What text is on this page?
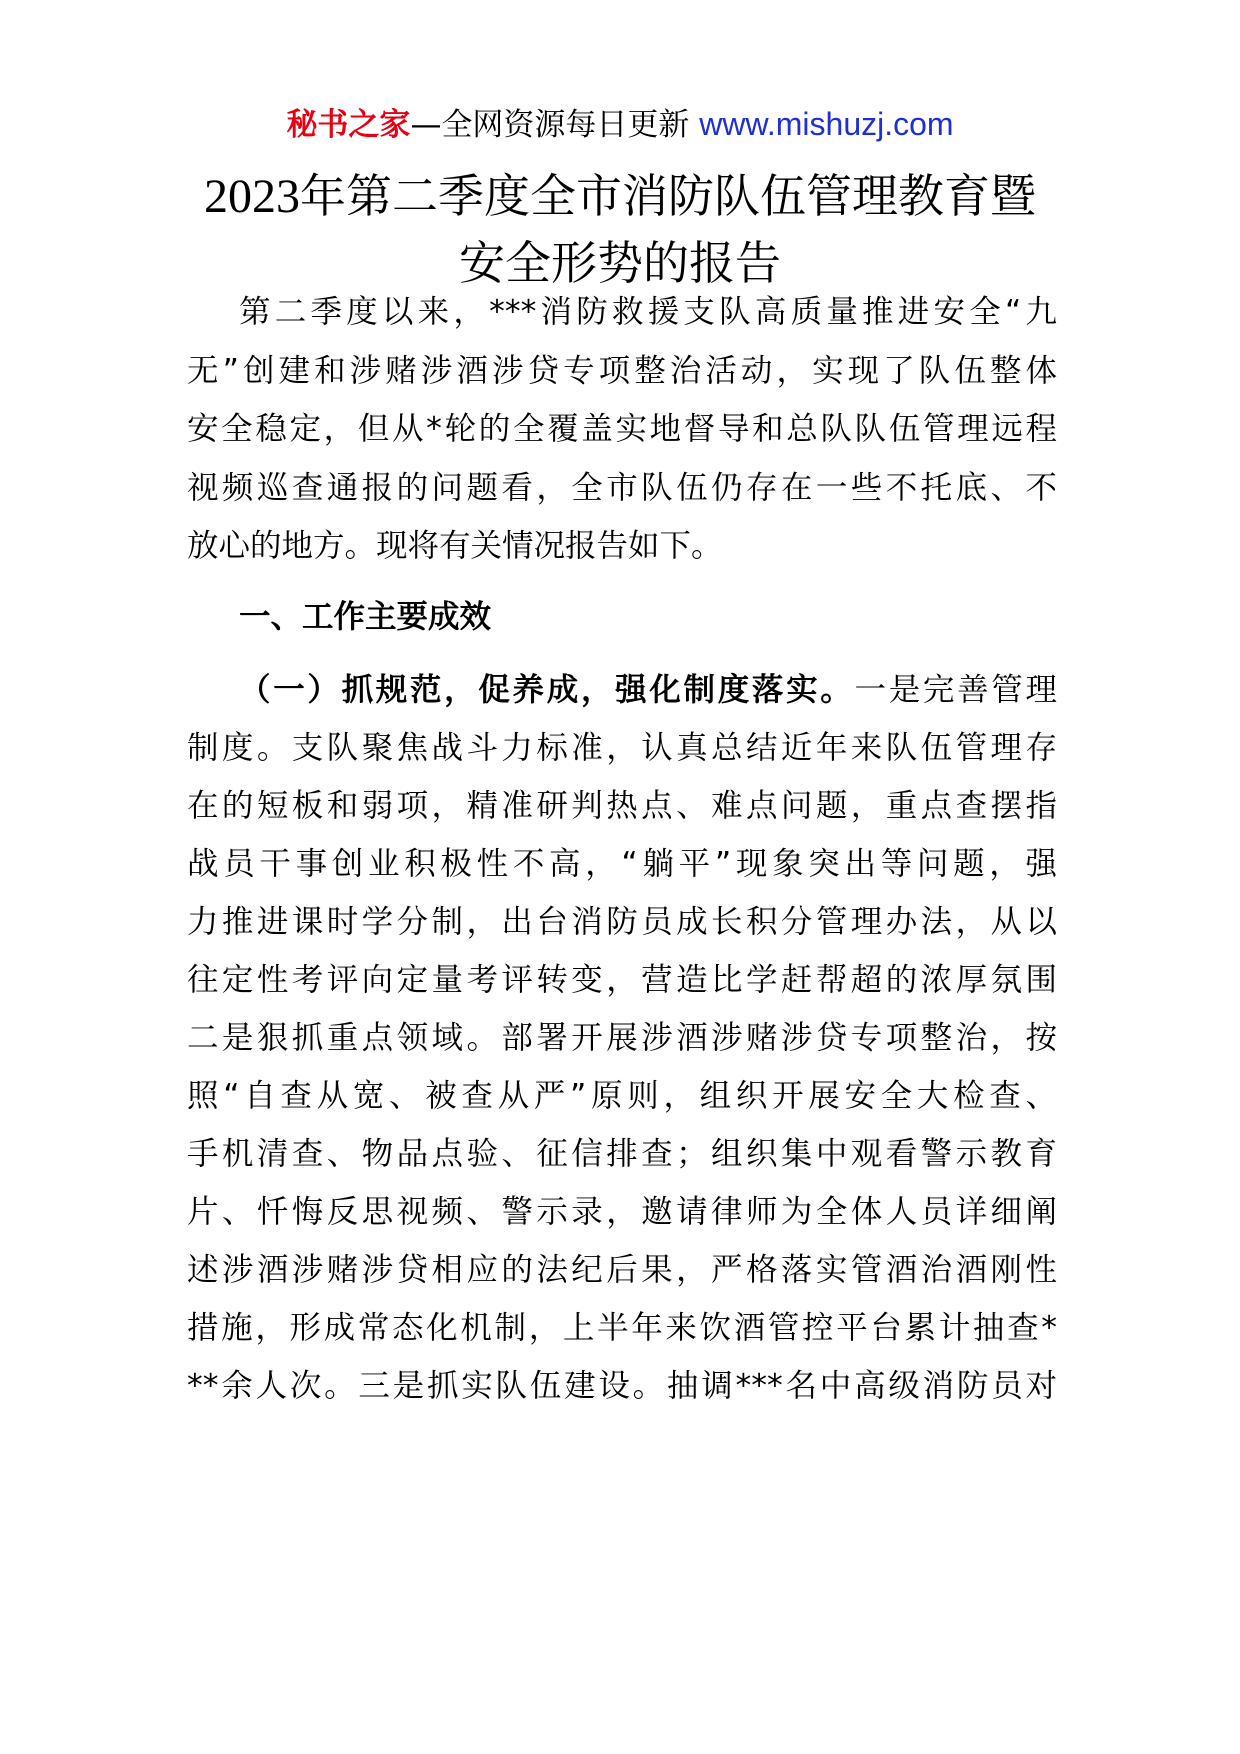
秘书之家—全网资源每日更新 www.mishuzj.com
2023年第二季度全市消防队伍管理教育暨
安全形势的报告
第二季度以来，***消防救援支队高质量推进安全“九
无”创建和涉赌涉酒涉贷专项整治活动，实现了队伍整体
安全稳定，但从*轮的全覆盖实地督导和总队队伍管理远程
视频巡查通报的问题看，全市队伍仍存在一些不托底、不
放心的地方。现将有关情况报告如下。
一、工作主要成效
（一）抓规范，促养成，强化制度落实。一是完善管理
制度。支队聚焦战斗力标准，认真总结近年来队伍管理存
在的短板和弱项，精准研判热点、难点问题，重点查摆指
战员干事创业积极性不高，“躺平”现象突出等问题，强
力推进课时学分制，出台消防员成长积分管理办法，从以
往定性考评向定量考评转变，营造比学赶帮超的浓厚氛围
二是狠抓重点领域。部署开展涉酒涉赌涉贷专项整治，按
照“自查从宽、被查从严”原则，组织开展安全大检查、
手机清查、物品点验、征信排查；组织集中观看警示教育
片、忏悔反思视频、警示录，邀请律师为全体人员详细阐
述涉酒涉赌涉贷相应的法纪后果，严格落实管酒治酒刚性
措施，形成常态化机制，上半年来饮酒管控平台累计抽查*
**余人次。三是抓实队伍建设。抽调***名中高级消防员对
